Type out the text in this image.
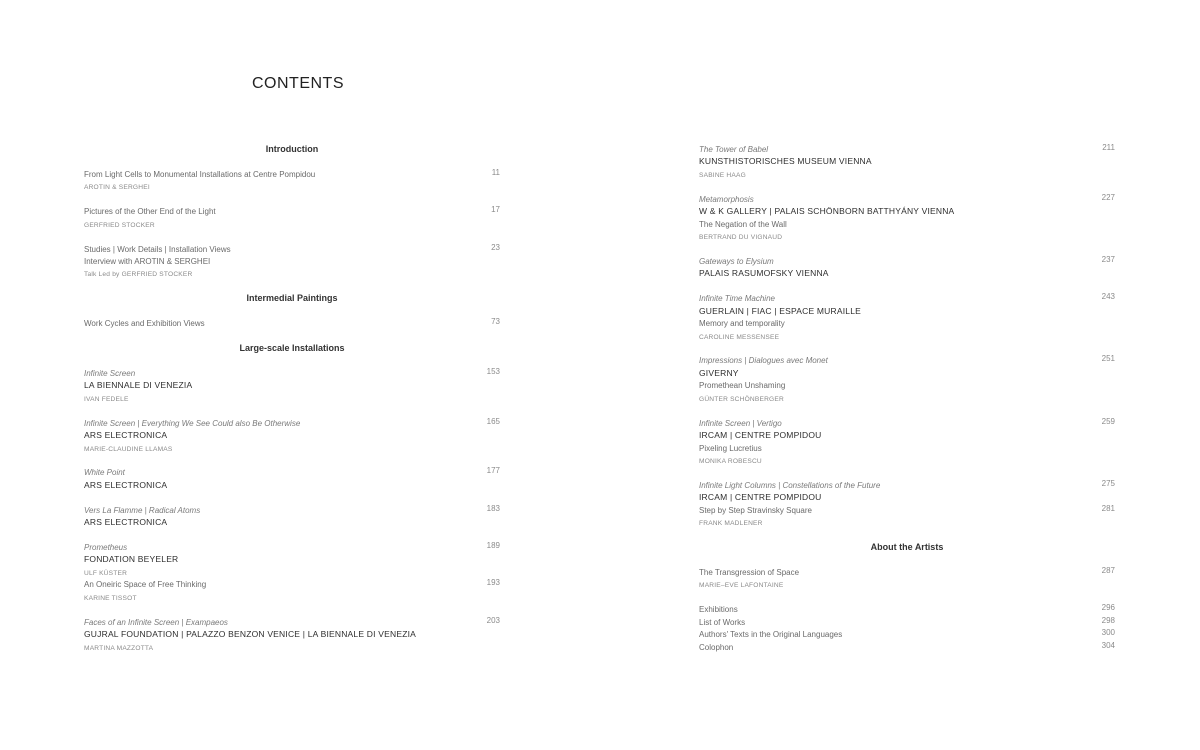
CONTENTS
Introduction
From Light Cells to Monumental Installations at Centre Pompidou	11
AROTIN & SERGHEI
Pictures of the Other End of the Light	17
GERFRIED STOCKER
Studies | Work Details | Installation Views	23
Interview with AROTIN & SERGHEI
Talk Led by GERFRIED STOCKER
Intermedial Paintings
Work Cycles and Exhibition Views	73
Large-scale Installations
Infinite Screen	153
LA BIENNALE DI VENEZIA
IVAN FEDELE
Infinite Screen | Everything We See Could also Be Otherwise	165
ARS ELECTRONICA
MARIE-CLAUDINE LLAMAS
White Point	177
ARS ELECTRONICA
Vers La Flamme | Radical Atoms	183
ARS ELECTRONICA
Prometheus	189
FONDATION BEYELER
ULF KÜSTER
An Oneiric Space of Free Thinking	193
KARINE TISSOT
Faces of an Infinite Screen | Exampaeos	203
GUJRAL FOUNDATION | PALAZZO BENZON VENICE | LA BIENNALE DI VENEZIA
MARTINA MAZZOTTA
The Tower of Babel	211
KUNSTHISTORISCHES MUSEUM VIENNA
SABINE HAAG
Metamorphosis	227
W & K GALLERY | PALAIS SCHÖNBORN BATTHYÁNY VIENNA
The Negation of the Wall
BERTRAND DU VIGNAUD
Gateways to Elysium	237
PALAIS RASUMOFSKY VIENNA
Infinite Time Machine	243
GUERLAIN | FIAC | ESPACE MURAILLE
Memory and temporality
CAROLINE MESSENSEE
Impressions | Dialogues avec Monet	251
GIVERNY
Promethean Unshaming
GÜNTER SCHÖNBERGER
Infinite Screen | Vertigo	259
IRCAM | CENTRE POMPIDOU
Pixeling Lucretius
MONIKA ROBESCU
Infinite Light Columns | Constellations of the Future	275
IRCAM | CENTRE POMPIDOU
Step by Step Stravinsky Square	281
FRANK MADLENER
About the Artists
The Transgression of Space	287
MARIE–EVE LAFONTAINE
Exhibitions	296
List of Works	298
Authors' Texts in the Original Languages	300
Colophon	304
